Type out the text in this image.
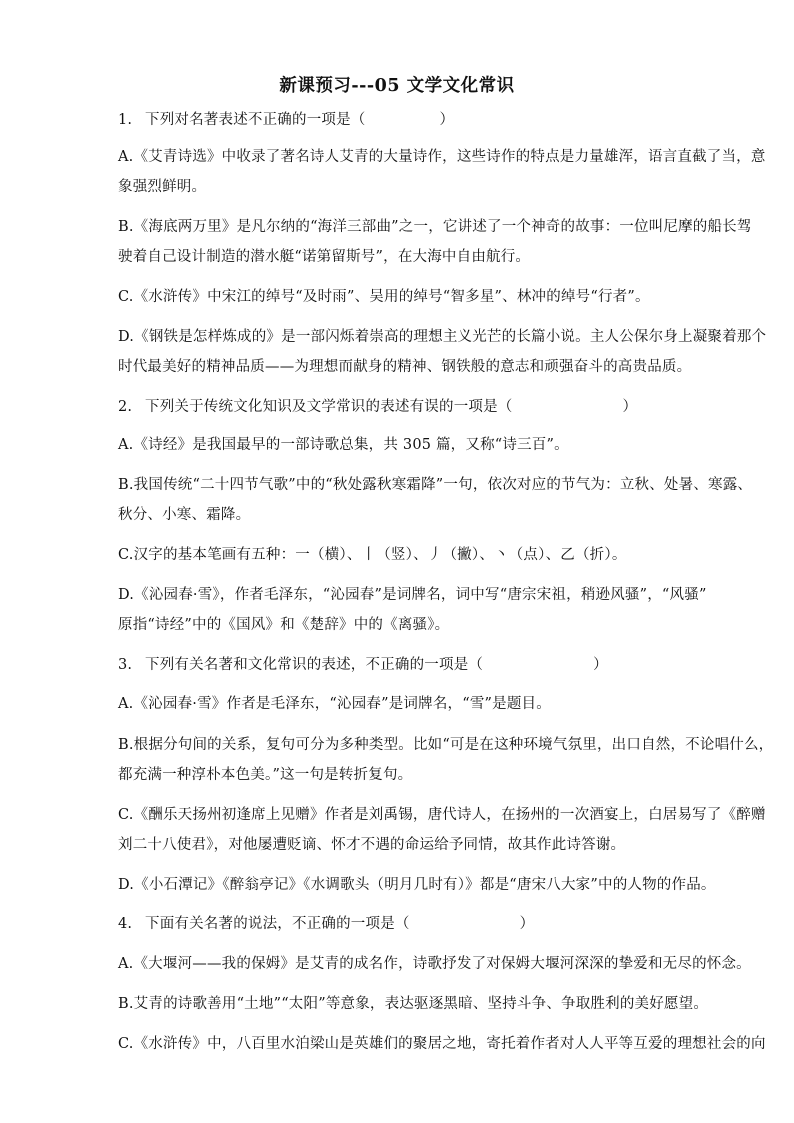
新课预习---05 文学文化常识
1. 下列对名著表述不正确的一项是（	）
A.《艾青诗选》中收录了著名诗人艾青的大量诗作，这些诗作的特点是力量雄浑，语言直截了当，意
象强烈鲜明。
B.《海底两万里》是凡尔纳的“海洋三部曲”之一，它讲述了一个神奇的故事：一位叫尼摩的船长驾
驶着自己设计制造的潜水艇“诺第留斯号”，在大海中自由航行。
C.《水浒传》中宋江的绰号“及时雨”、吴用的绰号“智多星”、林冲的绰号“行者”。
D.《钢铁是怎样炼成的》是一部闪烁着崇高的理想主义光芒的长篇小说。主人公保尔身上凝聚着那个
时代最美好的精神品质——为理想而献身的精神、钢铁般的意志和顽强奋斗的高贵品质。
2. 下列关于传统文化知识及文学常识的表述有误的一项是（	）
A.《诗经》是我国最早的一部诗歌总集，共 305 篇，又称“诗三百”。
B.我国传统“二十四节气歌”中的“秋处露秋寒霜降”一句，依次对应的节气为：立秋、处暑、寒露、
秋分、小寒、霜降。
C.汉字的基本笔画有五种：一（横）、丨（竖）、丿（撇）、丶（点）、乙（折）。
D.《沁园春·雪》，作者毛泽东，“沁园春”是词牌名，词中写“唐宗宋祖，稍逊风骚”，“风骚”
原指“诗经”中的《国风》和《楚辞》中的《离骚》。
3. 下列有关名著和文化常识的表述，不正确的一项是（	）
A.《沁园春·雪》作者是毛泽东，“沁园春”是词牌名，“雪”是题目。
B.根据分句间的关系，复句可分为多种类型。比如“可是在这种环境气氛里，出口自然，不论唱什么，
都充满一种淳朴本色美。”这一句是转折复句。
C.《酬乐天扬州初逢席上见赠》作者是刘禹锡，唐代诗人，在扬州的一次酒宴上，白居易写了《醉赠
刘二十八使君》，对他屡遭贬谪、怀才不遇的命运给予同情，故其作此诗答谢。
D.《小石潭记》《醉翁亭记》《水调歌头（明月几时有）》都是“唐宋八大家”中的人物的作品。
4. 下面有关名著的说法，不正确的一项是（	）
A.《大堰河——我的保姆》是艾青的成名作，诗歌抒发了对保姆大堰河深深的挚爱和无尽的怀念。
B.艾青的诗歌善用“土地”“太阳”等意象，表达驱逐黑暗、坚持斗争、争取胜利的美好愿望。
C.《水浒传》中，八百里水泊梁山是英雄们的聚居之地，寄托着作者对人人平等互爱的理想社会的向
